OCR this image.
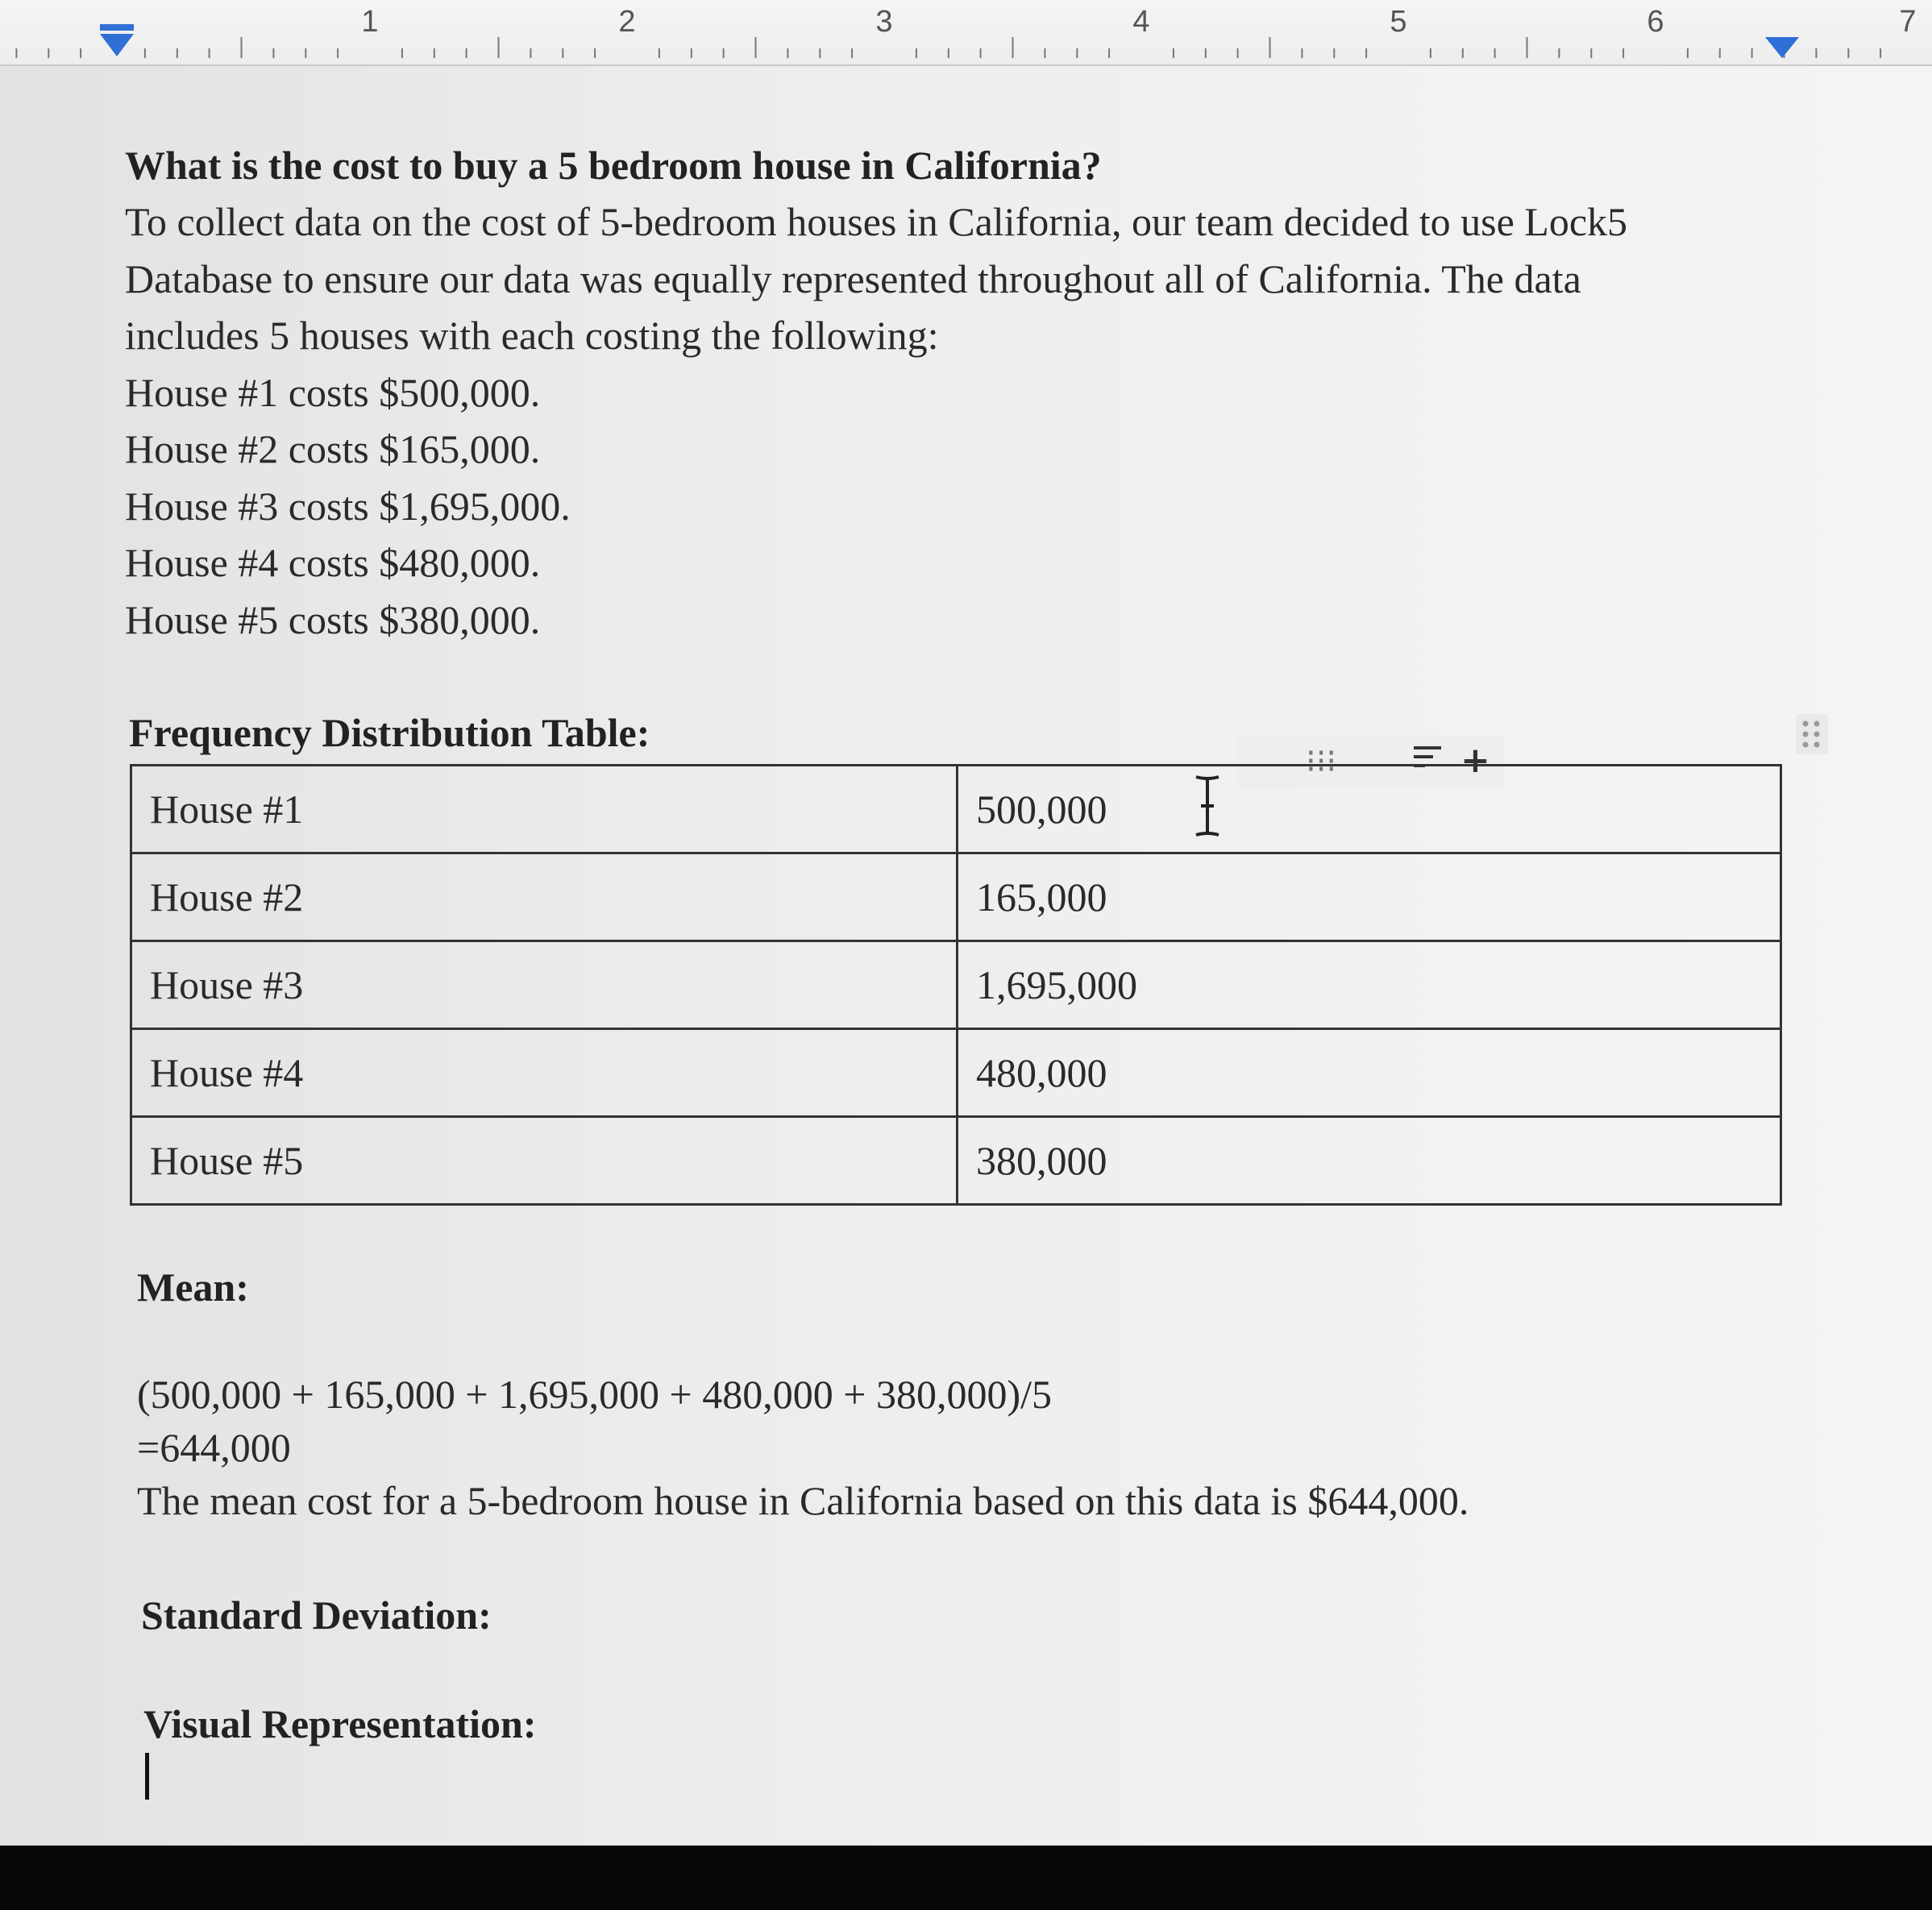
1	2	3	4	5	6	7
What is the cost to buy a 5 bedroom house in California?
To collect data on the cost of 5-bedroom houses in California, our team decided to use Lock5
Database to ensure our data was equally represented throughout all of California. The data
includes 5 houses with each costing the following:
House #1 costs $500,000.
House #2 costs $165,000.
House #3 costs $1,695,000.
House #4 costs $480,000.
House #5 costs $380,000.
Frequency Distribution Table:
⁝⁝⁝	+
House #1	500,000
House #2	165,000
House #3	1,695,000
House #4	480,000
House #5	380,000
Mean:
(500,000 + 165,000 + 1,695,000 + 480,000 + 380,000)/5
=644,000
The mean cost for a 5-bedroom house in California based on this data is $644,000.
Standard Deviation:
Visual Representation:
